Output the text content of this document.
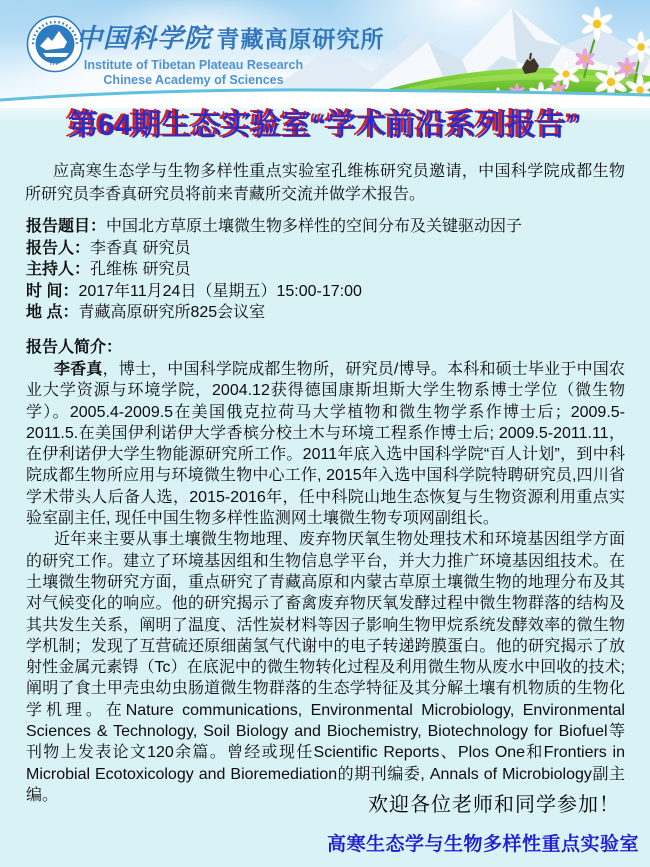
ITP
中国科学院 青藏高原研究所
Institute of Tibetan Plateau Research
Chinese Academy of Sciences
第64期生态实验室“学术前沿系列报告”

应高寒生态学与生物多样性重点实验室孔维栋研究员邀请，中国科学院成都生物所研究员李香真研究员将前来青藏所交流并做学术报告。

报告题目：中国北方草原土壤微生物多样性的空间分布及关键驱动因子
报告人：李香真 研究员
主持人：孔维栋 研究员
时 间：2017年11月24日（星期五）15:00-17:00
地 点：青藏高原研究所825会议室
报告人简介：

李香真，博士，中国科学院成都生物所，研究员/博导。本科和硕士毕业于中国农业大学资源与环境学院，2004.12获得德国康斯坦斯大学生物系博士学位（微生物学）。2005.4-2009.5在美国俄克拉荷马大学植物和微生物学系作博士后；2009.5-2011.5.在美国伊利诺伊大学香槟分校土木与环境工程系作博士后; 2009.5-2011.11，在伊利诺伊大学生物能源研究所工作。2011年底入选中国科学院“百人计划”，到中科院成都生物所应用与环境微生物中心工作, 2015年入选中国科学院特聘研究员,四川省学术带头人后备人选，2015-2016年，任中科院山地生态恢复与生物资源利用重点实验室副主任, 现任中国生物多样性监测网土壤微生物专项网副组长。

近年来主要从事土壤微生物地理、废弃物厌氧生物处理技术和环境基因组学方面的研究工作。建立了环境基因组和生物信息学平台，并大力推广环境基因组技术。在土壤微生物研究方面，重点研究了青藏高原和内蒙古草原土壤微生物的地理分布及其对气候变化的响应。他的研究揭示了畜禽废弃物厌氧发酵过程中微生物群落的结构及其共发生关系，阐明了温度、活性炭材料等因子影响生物甲烷系统发酵效率的微生物学机制；发现了互营硫还原细菌氢气代谢中的电子转递跨膜蛋白。他的研究揭示了放射性金属元素锝（Tc）在底泥中的微生物转化过程及利用微生物从废水中回收的技术;阐明了食土甲壳虫幼虫肠道微生物群落的生态学特征及其分解土壤有机物质的生物化学机理。在Nature communications, Environmental Microbiology, Environmental Sciences & Technology, Soil Biology and Biochemistry, Biotechnology for Biofuel等刊物上发表论文120余篇。曾经或现任Scientific Reports、Plos One和Frontiers in Microbial Ecotoxicology and Bioremediation的期刊编委, Annals of Microbiology副主编。	欢迎各位老师和同学参加！
高寒生态学与生物多样性重点实验室
